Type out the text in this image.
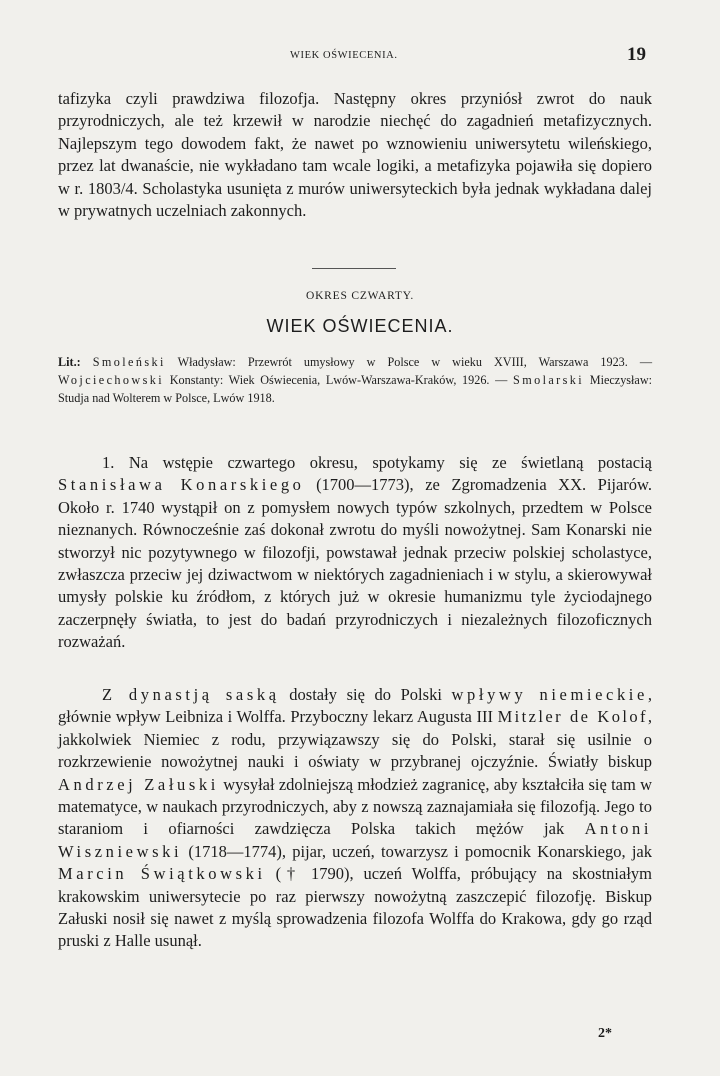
WIEK OŚWIECENIA.	19

tafizyka czyli prawdziwa filozofja. Następny okres przyniósł zwrot do nauk przyrodniczych, ale też krzewił w narodzie niechęć do zagadnień metafizycznych. Najlepszym tego dowodem fakt, że nawet po wznowieniu uniwersytetu wileńskiego, przez lat dwanaście, nie wykładano tam wcale logiki, a metafizyka pojawiła się dopiero w r. 1803/4. Scholastyka usunięta z murów uniwersyteckich była jednak wykładana dalej w prywatnych uczelniach zakonnych.

OKRES CZWARTY.
WIEK OŚWIECENIA.

Lit.: Smoleński Władysław: Przewrót umysłowy w Polsce w wieku XVIII, Warszawa 1923. — Wojciechowski Konstanty: Wiek Oświecenia, Lwów-Warszawa-Kraków, 1926. — Smolarski Mieczysław: Studja nad Wolterem w Polsce, Lwów 1918.

1. Na wstępie czwartego okresu, spotykamy się ze świetlaną postacią Stanisława Konarskiego (1700—1773), ze Zgromadzenia XX. Pijarów. Około r. 1740 wystąpił on z pomysłem nowych typów szkolnych, przedtem w Polsce nieznanych. Równocześnie zaś dokonał zwrotu do myśli nowożytnej. Sam Konarski nie stworzył nic pozytywnego w filozofji, powstawał jednak przeciw polskiej scholastyce, zwłaszcza przeciw jej dziwactwom w niektórych zagadnieniach i w stylu, a skierowywał umysły polskie ku źródłom, z których już w okresie humanizmu tyle życiodajnego zaczerpnęły światła, to jest do badań przyrodniczych i niezależnych filozoficznych rozważań.

Z dynastją saską dostały się do Polski wpływy niemieckie, głównie wpływ Leibniza i Wolffa. Przyboczny lekarz Augusta III Mitzler de Kolof, jakkolwiek Niemiec z rodu, przywiązawszy się do Polski, starał się usilnie o rozkrzewienie nowożytnej nauki i oświaty w przybranej ojczyźnie. Światły biskup Andrzej Załuski wysyłał zdolniejszą młodzież zagranicę, aby kształciła się tam w matematyce, w naukach przyrodniczych, aby z nowszą zaznajamiała się filozofją. Jego to staraniom i ofiarności zawdzięcza Polska takich mężów jak Antoni Wiszniewski (1718—1774), pijar, uczeń, towarzysz i pomocnik Konarskiego, jak Marcin Świątkowski († 1790), uczeń Wolffa, próbujący na skostniałym krakowskim uniwersytecie po raz pierwszy nowożytną zaszczepić filozofję. Biskup Załuski nosił się nawet z myślą sprowadzenia filozofa Wolffa do Krakowa, gdy go rząd pruski z Halle usunął.

2*
